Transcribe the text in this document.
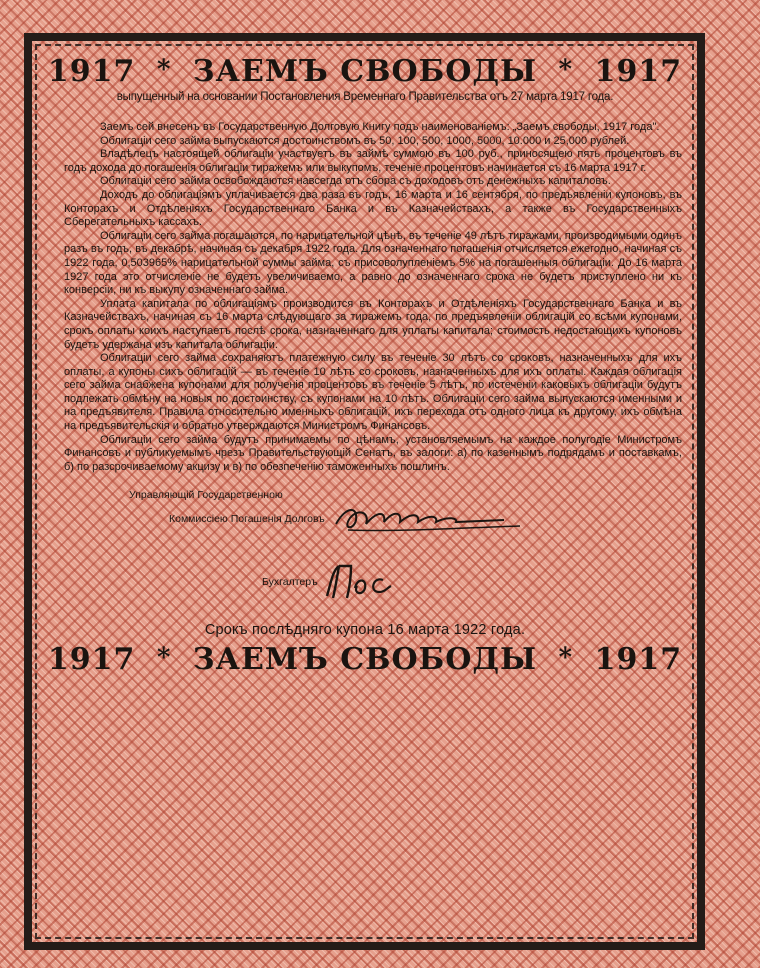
1917 * ЗАЕМЪ СВОБОДЫ * 1917
выпущенный на основании Постановления Временнаго Правительства отъ 27 марта 1917 года.

Заемъ сей внесенъ въ Государственную Долговую Книгу подъ наименованіемъ: „Заемъ свободы, 1917 года".

Облигаціи сего займа выпускаются достоинствомъ въ 50, 100, 500, 1000, 5000, 10.000 и 25,000 рублей.

Владѣлецъ настоящей облигаціи участвуетъ въ займѣ суммою въ 100 руб., приносящею пять процентовъ въ годъ дохода до погашенія облигаціи тиражемъ или выкупомъ, теченіе процентовъ начинается съ 16 марта 1917 г.

Облигаціи сего займа освобождаются навсегда отъ сбора съ доходовъ отъ денежныхъ капиталовъ.

Доходъ до облигаціямъ уплачивается два раза въ годъ, 16 марта и 16 сентября, по предъявленіи купоновъ, въ Конторахъ и Отдѣленіяхъ Государственнаго Банка и въ Казначействахъ, а также въ Государственныхъ Сберегательныхъ кассахъ.

Облигаціи сего займа погашаются, по нарицательной цѣнѣ, въ теченіе 49 лѣтъ тиражами, производимыми одинъ разъ въ годъ, въ декабрѣ, начиная съ декабря 1922 года. Для означеннаго погашенія отчисляется ежегодно, начиная съ 1922 года, 0,503965% нарицательной суммы займа, съ присоволупленіемъ 5% на погашенныя облигаціи. До 16 марта 1927 года это отчисленіе не будетъ увеличиваемо, а равно до означеннаго срока не будетъ приступлено ни къ конверсіи, ни къ выкупу означеннаго займа.

Уплата капитала по облигаціямъ производится въ Конторахъ и Отдѣленіяхъ Государственнаго Банка и въ Казначействахъ, начиная съ 16 марта слѣдующаго за тиражемъ года, по предъявленіи облигацій со всѣми купонами, срокъ оплаты коихъ наступаетъ послѣ срока, назначеннаго для уплаты капитала; стоимость недостающихъ купоновъ будетъ удержана изъ капитала облигаціи.

Облигаціи сего займа сохраняютъ платежную силу въ теченіе 30 лѣтъ со сроковъ, назначенныхъ для ихъ оплаты, а купоны сихъ облигацій — въ теченіе 10 лѣтъ со сроковъ, назначенныхъ для ихъ оплаты. Каждая облигація сего займа снабжена купонами для полученія процентовъ въ теченіе 5 лѣтъ, по истеченіи каковыхъ облигаціи будутъ подлежать обмѣну на новыя по достоинству, съ купонами на 10 лѣтъ. Облигаціи сего займа выпускаются именными и на предъявителя. Правила относительно именныхъ облигацій, ихъ перехода отъ одного лица къ другому, ихъ обмѣна на предъявительскія и обратно утверждаются Министромъ Финансовъ.

Облигаціи сего займа будутъ принимаемы по цѣнамъ, установляемымъ на каждое полугодіе Министромъ Финансовъ и публикуемымъ чрезъ Правительствующій Сенатъ, въ залоги: а) по казеннымъ подрядамъ и поставкамъ, б) по разсрочиваемому акцизу и в) по обезпеченію таможенныхъ пошлинъ.

Управляющій Государственною
Коммиссіею Погашенія Долговъ
Бухгалтеръ
Срокъ послѣдняго купона 16 марта 1922 года.
1917 * ЗАЕМЪ СВОБОДЫ * 1917
